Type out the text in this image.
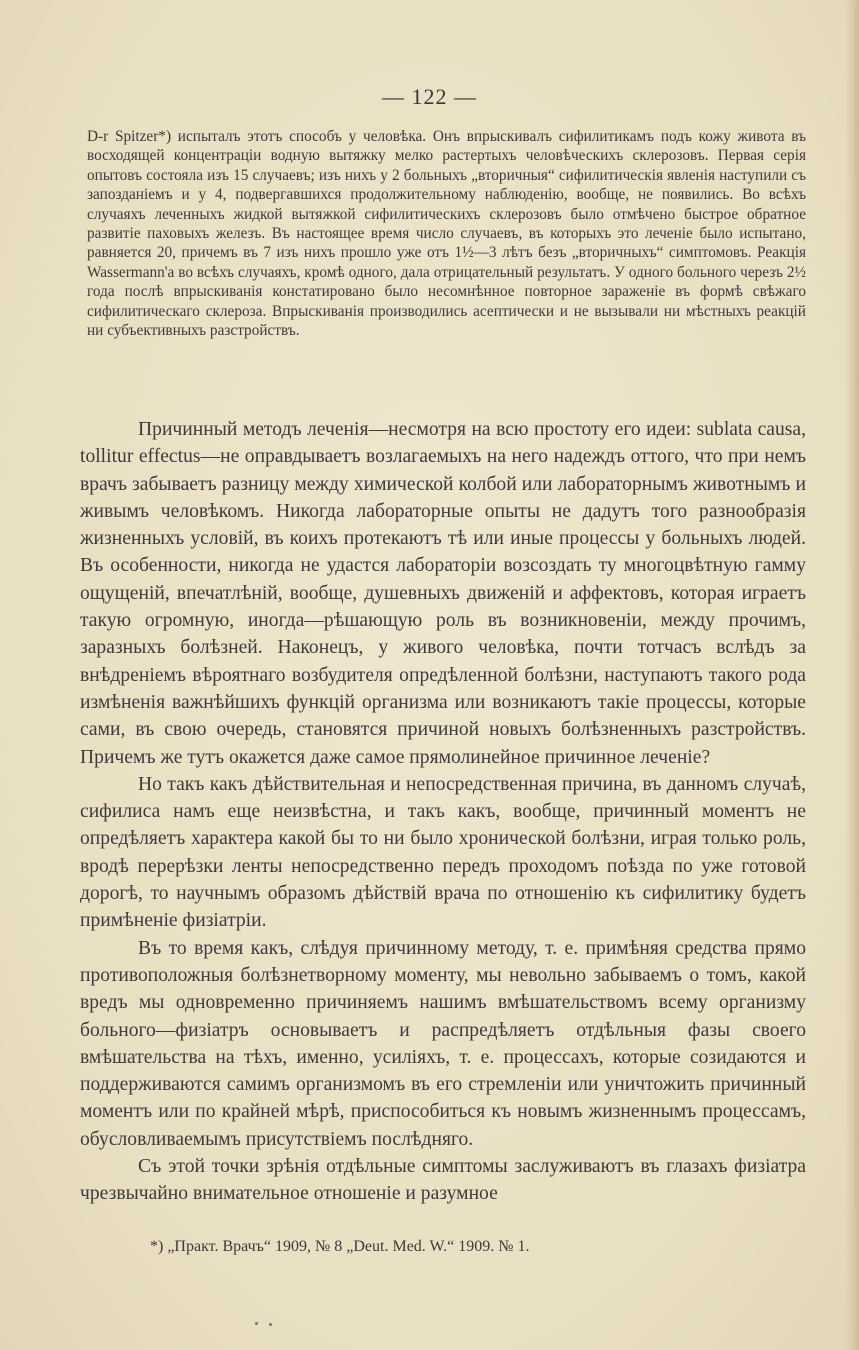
— 122 —

D-r Spitzer*) испыталъ этотъ способъ у человѣка. Онъ впрыскивалъ сифилитикамъ подъ кожу живота въ восходящей концентраціи водную вытяжку мелко растертыхъ человѣческихъ склерозовъ. Первая серія опытовъ состояла изъ 15 случаевъ; изъ нихъ у 2 больныхъ „вторичныя“ сифилитическія явленія наступили съ запозданіемъ и у 4, подвергавшихся продолжительному наблюденію, вообще, не появились. Во всѣхъ случаяхъ леченныхъ жидкой вытяжкой сифилитическихъ склерозовъ было отмѣчено быстрое обратное развитіе паховыхъ железъ. Въ настоящее время число случаевъ, въ которыхъ это леченіе было испытано, равняется 20, причемъ въ 7 изъ нихъ прошло уже отъ 1½—3 лѣтъ безъ „вторичныхъ“ симптомовъ. Реакція Wassermann'a во всѣхъ случаяхъ, кромѣ одного, дала отрицательный результатъ. У одного больного черезъ 2½ года послѣ впрыскиванія констатировано было несомнѣнное повторное зараженіе въ формѣ свѣжаго сифилитическаго склероза. Впрыскиванія производились асептически и не вызывали ни мѣстныхъ реакцій ни субъективныхъ разстройствъ.

Причинный методъ леченія—несмотря на всю простоту его идеи: sublata causa, tollitur effectus—не оправдываетъ возлагаемыхъ на него надеждъ оттого, что при немъ врачъ забываетъ разницу между химической колбой или лабораторнымъ животнымъ и живымъ человѣкомъ. Никогда лабораторные опыты не дадутъ того разнообразія жизненныхъ условій, въ коихъ протекаютъ тѣ или иные процессы у больныхъ людей. Въ особенности, никогда не удастся лабораторіи возсоздать ту многоцвѣтную гамму ощущеній, впечатлѣній, вообще, душевныхъ движеній и аффектовъ, которая играетъ такую огромную, иногда—рѣшающую роль въ возникновеніи, между прочимъ, заразныхъ болѣзней. Наконецъ, у живого человѣка, почти тотчасъ вслѣдъ за внѣдреніемъ вѣроятнаго возбудителя опредѣленной болѣзни, наступаютъ такого рода измѣненія важнѣйшихъ функцій организма или возникаютъ такіе процессы, которые сами, въ свою очередь, становятся причиной новыхъ болѣзненныхъ разстройствъ. Причемъ же тутъ окажется даже самое прямолинейное причинное леченіе?

Но такъ какъ дѣйствительная и непосредственная причина, въ данномъ случаѣ, сифилиса намъ еще неизвѣстна, и такъ какъ, вообще, причинный моментъ не опредѣляетъ характера какой бы то ни было хронической болѣзни, играя только роль, вродѣ перерѣзки ленты непосредственно передъ проходомъ поѣзда по уже готовой дорогѣ, то научнымъ образомъ дѣйствій врача по отношенію къ сифилитику будетъ примѣненіе физіатріи.

Въ то время какъ, слѣдуя причинному методу, т. е. примѣняя средства прямо противоположныя болѣзнетворному моменту, мы невольно забываемъ о томъ, какой вредъ мы одновременно причиняемъ нашимъ вмѣшательствомъ всему организму больного—физіатръ основываетъ и распредѣляетъ отдѣльныя фазы своего вмѣшательства на тѣхъ, именно, усиліяхъ, т. е. процессахъ, которые созидаются и поддерживаются самимъ организмомъ въ его стремленіи или уничтожить причинный моментъ или по крайней мѣрѣ, приспособиться къ новымъ жизненнымъ процессамъ, обусловливаемымъ присутствіемъ послѣдняго.

Съ этой точки зрѣнія отдѣльные симптомы заслуживаютъ въ глазахъ физіатра чрезвычайно внимательное отношеніе и разумное

*) „Практ. Врачъ“ 1909, № 8 „Deut. Med. W.“ 1909. № 1.
